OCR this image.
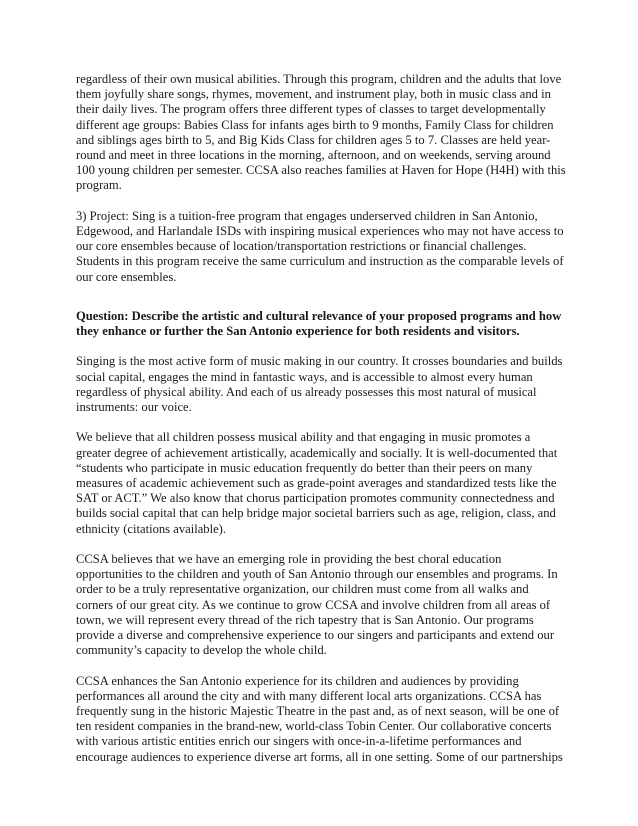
regardless of their own musical abilities. Through this program, children and the adults that love
them joyfully share songs, rhymes, movement, and instrument play, both in music class and in
their daily lives. The program offers three different types of classes to target developmentally
different age groups: Babies Class for infants ages birth to 9 months, Family Class for children
and siblings ages birth to 5, and Big Kids Class for children ages 5 to 7. Classes are held year-
round and meet in three locations in the morning, afternoon, and on weekends, serving around
100 young children per semester. CCSA also reaches families at Haven for Hope (H4H) with this
program.

3) Project: Sing is a tuition-free program that engages underserved children in San Antonio,
Edgewood, and Harlandale ISDs with inspiring musical experiences who may not have access to
our core ensembles because of location/transportation restrictions or financial challenges.
Students in this program receive the same curriculum and instruction as the comparable levels of
our core ensembles.

Question: Describe the artistic and cultural relevance of your proposed programs and how
they enhance or further the San Antonio experience for both residents and visitors.

Singing is the most active form of music making in our country. It crosses boundaries and builds
social capital, engages the mind in fantastic ways, and is accessible to almost every human
regardless of physical ability. And each of us already possesses this most natural of musical
instruments: our voice.

We believe that all children possess musical ability and that engaging in music promotes a
greater degree of achievement artistically, academically and socially. It is well-documented that
“students who participate in music education frequently do better than their peers on many
measures of academic achievement such as grade-point averages and standardized tests like the
SAT or ACT.” We also know that chorus participation promotes community connectedness and
builds social capital that can help bridge major societal barriers such as age, religion, class, and
ethnicity (citations available).

CCSA believes that we have an emerging role in providing the best choral education
opportunities to the children and youth of San Antonio through our ensembles and programs. In
order to be a truly representative organization, our children must come from all walks and
corners of our great city. As we continue to grow CCSA and involve children from all areas of
town, we will represent every thread of the rich tapestry that is San Antonio. Our programs
provide a diverse and comprehensive experience to our singers and participants and extend our
community’s capacity to develop the whole child.

CCSA enhances the San Antonio experience for its children and audiences by providing
performances all around the city and with many different local arts organizations. CCSA has
frequently sung in the historic Majestic Theatre in the past and, as of next season, will be one of
ten resident companies in the brand-new, world-class Tobin Center. Our collaborative concerts
with various artistic entities enrich our singers with once-in-a-lifetime performances and
encourage audiences to experience diverse art forms, all in one setting. Some of our partnerships
